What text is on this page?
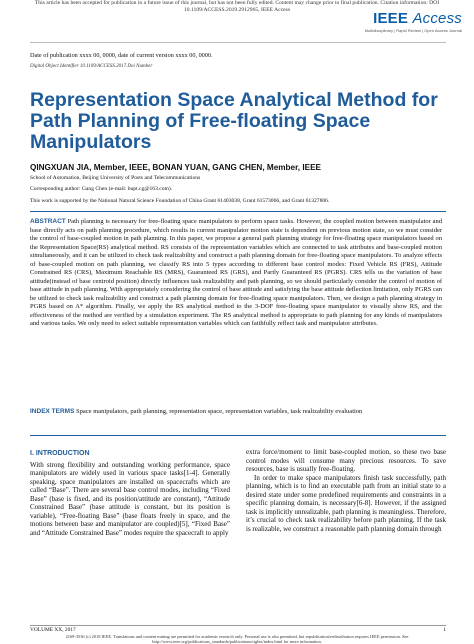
This article has been accepted for publication in a future issue of this journal, but has not been fully edited. Content may change prior to final publication. Citation information: DOI
10.1109/ACCESS.2019.2912965, IEEE Access	IEEE Access
Multidisciplinary | Rapid Review | Open Access Journal
Date of publication xxxx 00, 0000, date of current version xxxx 00, 0000.
Digital Object Identifier 10.1109/ACCESS.2017.Doi Number
Representation Space Analytical Method for Path Planning of Free-floating Space Manipulators
QINGXUAN JIA, Member, IEEE, BONAN YUAN, GANG CHEN, Member, IEEE
School of Automation, Beijing University of Posts and Telecommunications
Corresponding author: Gang Chen (e-mail: bupt.cg@163.com).
This work is supported by the National Natural Science Foundation of China Grant 61403038, Grant 61573066, and Grant 61327806.
ABSTRACT Path planning is necessary for free-floating space manipulators to perform space tasks. However, the coupled motion between manipulator and base directly acts on path planning procedure, which results in current manipulator motion state is dependent on previous motion state, so we must consider the control of base-coupled motion in path planning. In this paper, we propose a general path planning strategy for free-floating space manipulators based on the Representation Space(RS) analytical method. RS consists of the representation variables which are connected to task attributes and base-coupled motion simultaneously, and it can be utilized to check task realizability and construct a path planning domain for free-floating space manipulators. To analyze effects of base-coupled motion on path planning, we classify RS into 5 types according to different base control modes: Fixed Vehicle RS (FRS), Attitude Constrained RS (CRS), Maximum Reachable RS (MRS), Guaranteed RS (GRS), and Partly Guaranteed RS (PGRS). CRS tells us the variation of base attitude(instead of base centroid position) directly influences task realizability and path planning, so we should particularly consider the control of motion of base attitude in path planning. With appropriately considering the control of base attitude and satisfying the base attitude deflection limitation, only PGRS can be utilized to check task realizability and construct a path planning domain for free-floating space manipulators. Then, we design a path planning strategy in PGRS based on A* algorithm. Finally, we apply the RS analytical method to the 3-DOF free-floating space manipulator to visually show RS, and the effectiveness of the method are verified by a simulation experiment. The RS analytical method is appropriate to path planning for any kinds of manipulators and various tasks. We only need to select suitable representation variables which can faithfully reflect task and manipulator attributes.
INDEX TERMS Space manipulators, path planning, representation space, representation variables, task realizability evaluation
I. INTRODUCTION

With strong flexibility and outstanding working performance, space manipulators are widely used in various space tasks[1-4]. Generally speaking, space manipulators are installed on spacecrafts which are called “Base”. There are several base control modes, including “Fixed Base” (base is fixed, and its position/attitude are constant), “Attitude Constrained Base” (base attitude is constant, but its position is variable), “Free-floating Base” (base floats freely in space, and the motions between base and manipulator are coupled)[5], “Fixed Base” and “Attitude Constrained Base” modes require the spacecraft to apply

extra force/moment to limit base-coupled motion, so these two base control modes will consume many precious resources. To save resources, base is usually free-floating.

In order to make space manipulators finish task successfully, path planning, which is to find an executable path from an initial state to a desired state under some predefined requirements and constraints in a specific planning domain, is necessary[6-8]. However, if the assigned task is implicitly unrealizable, path planning is meaningless. Therefore, it’s crucial to check task realizability before path planning. If the task is realizable, we construct a reasonable path planning domain through

VOLUME XX, 2017	1
2169-3536 (c) 2018 IEEE. Translations and content mining are permitted for academic research only. Personal use is also permitted, but republication/redistribution requires IEEE permission. See
http://www.ieee.org/publications_standards/publications/rights/index.html for more information.
